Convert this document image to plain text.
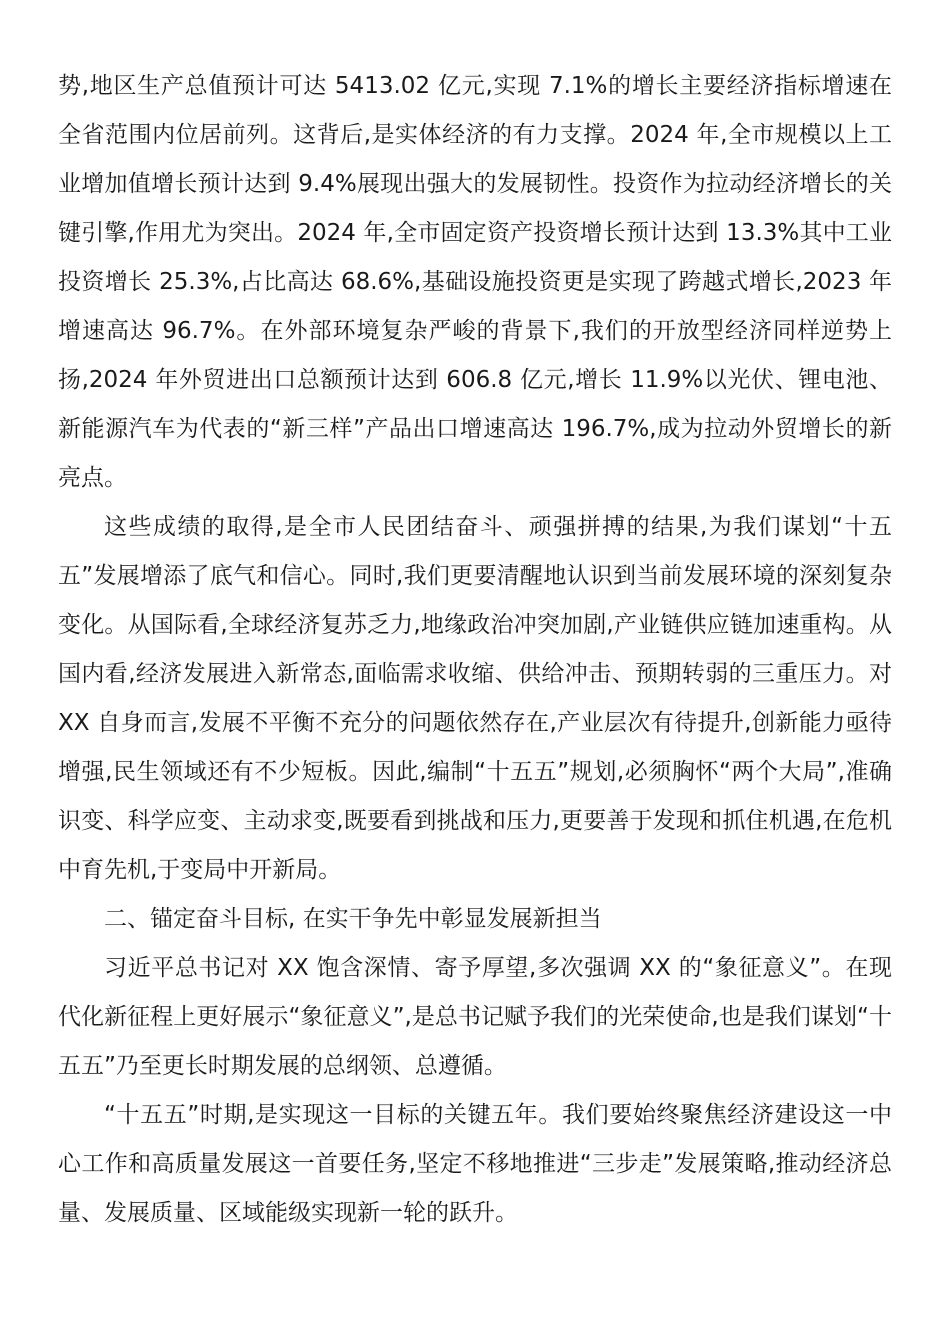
势,地区生产总值预计可达 5413.02 亿元,实现 7.1%的增长主要经济指标增速在全省范围内位居前列。这背后,是实体经济的有力支撑。2024 年,全市规模以上工业增加值增长预计达到 9.4%展现出强大的发展韧性。投资作为拉动经济增长的关键引擎,作用尤为突出。2024 年,全市固定资产投资增长预计达到 13.3%其中工业投资增长 25.3%,占比高达 68.6%,基础设施投资更是实现了跨越式增长,2023 年增速高达 96.7%。在外部环境复杂严峻的背景下,我们的开放型经济同样逆势上扬,2024 年外贸进出口总额预计达到 606.8 亿元,增长 11.9%以光伏、锂电池、新能源汽车为代表的“新三样”产品出口增速高达 196.7%,成为拉动外贸增长的新亮点。

这些成绩的取得,是全市人民团结奋斗、顽强拼搏的结果,为我们谋划“十五五”发展增添了底气和信心。同时,我们更要清醒地认识到当前发展环境的深刻复杂变化。从国际看,全球经济复苏乏力,地缘政治冲突加剧,产业链供应链加速重构。从国内看,经济发展进入新常态,面临需求收缩、供给冲击、预期转弱的三重压力。对 XX 自身而言,发展不平衡不充分的问题依然存在,产业层次有待提升,创新能力亟待增强,民生领域还有不少短板。因此,编制“十五五”规划,必须胸怀“两个大局”,准确识变、科学应变、主动求变,既要看到挑战和压力,更要善于发现和抓住机遇,在危机中育先机,于变局中开新局。

二、锚定奋斗目标, 在实干争先中彰显发展新担当

习近平总书记对 XX 饱含深情、寄予厚望,多次强调 XX 的“象征意义”。在现代化新征程上更好展示“象征意义”,是总书记赋予我们的光荣使命,也是我们谋划“十五五”乃至更长时期发展的总纲领、总遵循。

“十五五”时期,是实现这一目标的关键五年。我们要始终聚焦经济建设这一中心工作和高质量发展这一首要任务,坚定不移地推进“三步走”发展策略,推动经济总量、发展质量、区域能级实现新一轮的跃升。
